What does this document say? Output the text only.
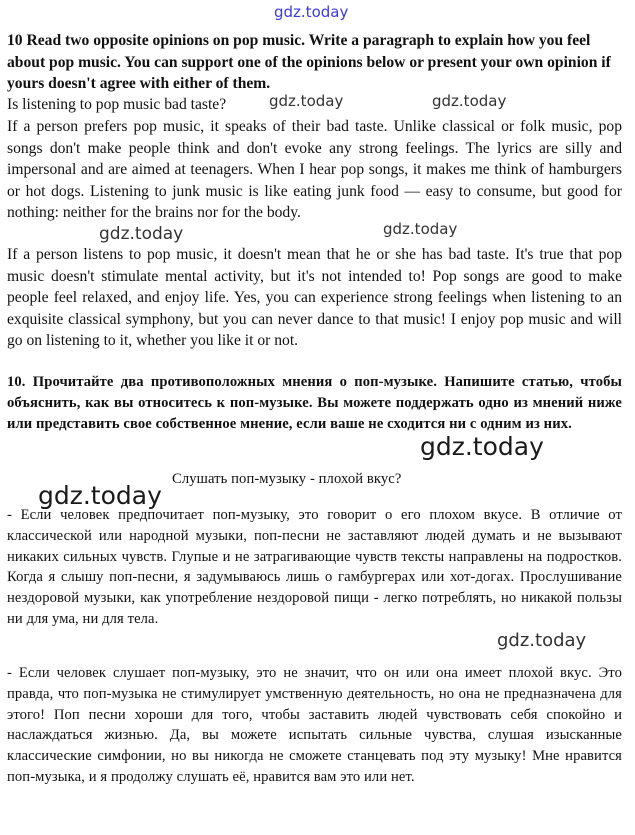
gdz.today
10 Read two opposite opinions on pop music. Write a paragraph to explain how you feel about pop music. You can support one of the opinions below or present your own opinion if yours doesn't agree with either of them.
Is listening to pop music bad taste?
If a person prefers pop music, it speaks of their bad taste. Unlike classical or folk music, pop songs don't make people think and don't evoke any strong feelings. The lyrics are silly and impersonal and are aimed at teenagers. When I hear pop songs, it makes me think of hamburgers or hot dogs. Listening to junk music is like eating junk food — easy to consume, but good for nothing: neither for the brains nor for the body.
If a person listens to pop music, it doesn't mean that he or she has bad taste. It's true that pop music doesn't stimulate mental activity, but it's not intended to! Pop songs are good to make people feel relaxed, and enjoy life. Yes, you can experience strong feelings when listening to an exquisite classical symphony, but you can never dance to that music! I enjoy pop music and will go on listening to it, whether you like it or not.
10. Прочитайте два противоположных мнения о поп-музыке. Напишите статью, чтобы объяснить, как вы относитесь к поп-музыке. Вы можете поддержать одно из мнений ниже или представить свое собственное мнение, если ваше не сходится ни с одним из них.
Слушать поп-музыку - плохой вкус?
- Если человек предпочитает поп-музыку, это говорит о его плохом вкусе. В отличие от классической или народной музыки, поп-песни не заставляют людей думать и не вызывают никаких сильных чувств. Глупые и не затрагивающие чувств тексты направлены на подростков. Когда я слышу поп-песни, я задумываюсь лишь о гамбургерах или хот-догах. Прослушивание нездоровой музыки, как употребление нездоровой пищи - легко потреблять, но никакой пользы ни для ума, ни для тела.
- Если человек слушает поп-музыку, это не значит, что он или она имеет плохой вкус. Это правда, что поп-музыка не стимулирует умственную деятельность, но она не предназначена для этого! Поп песни хороши для того, чтобы заставить людей чувствовать себя спокойно и наслаждаться жизнью. Да, вы можете испытать сильные чувства, слушая изысканные классические симфонии, но вы никогда не сможете станцевать под эту музыку! Мне нравится поп-музыка, и я продолжу слушать её, нравится вам это или нет.
gdz.today	gdz.today
gdz.today
gdz.today
gdz.today
gdz.today
gdz.today
